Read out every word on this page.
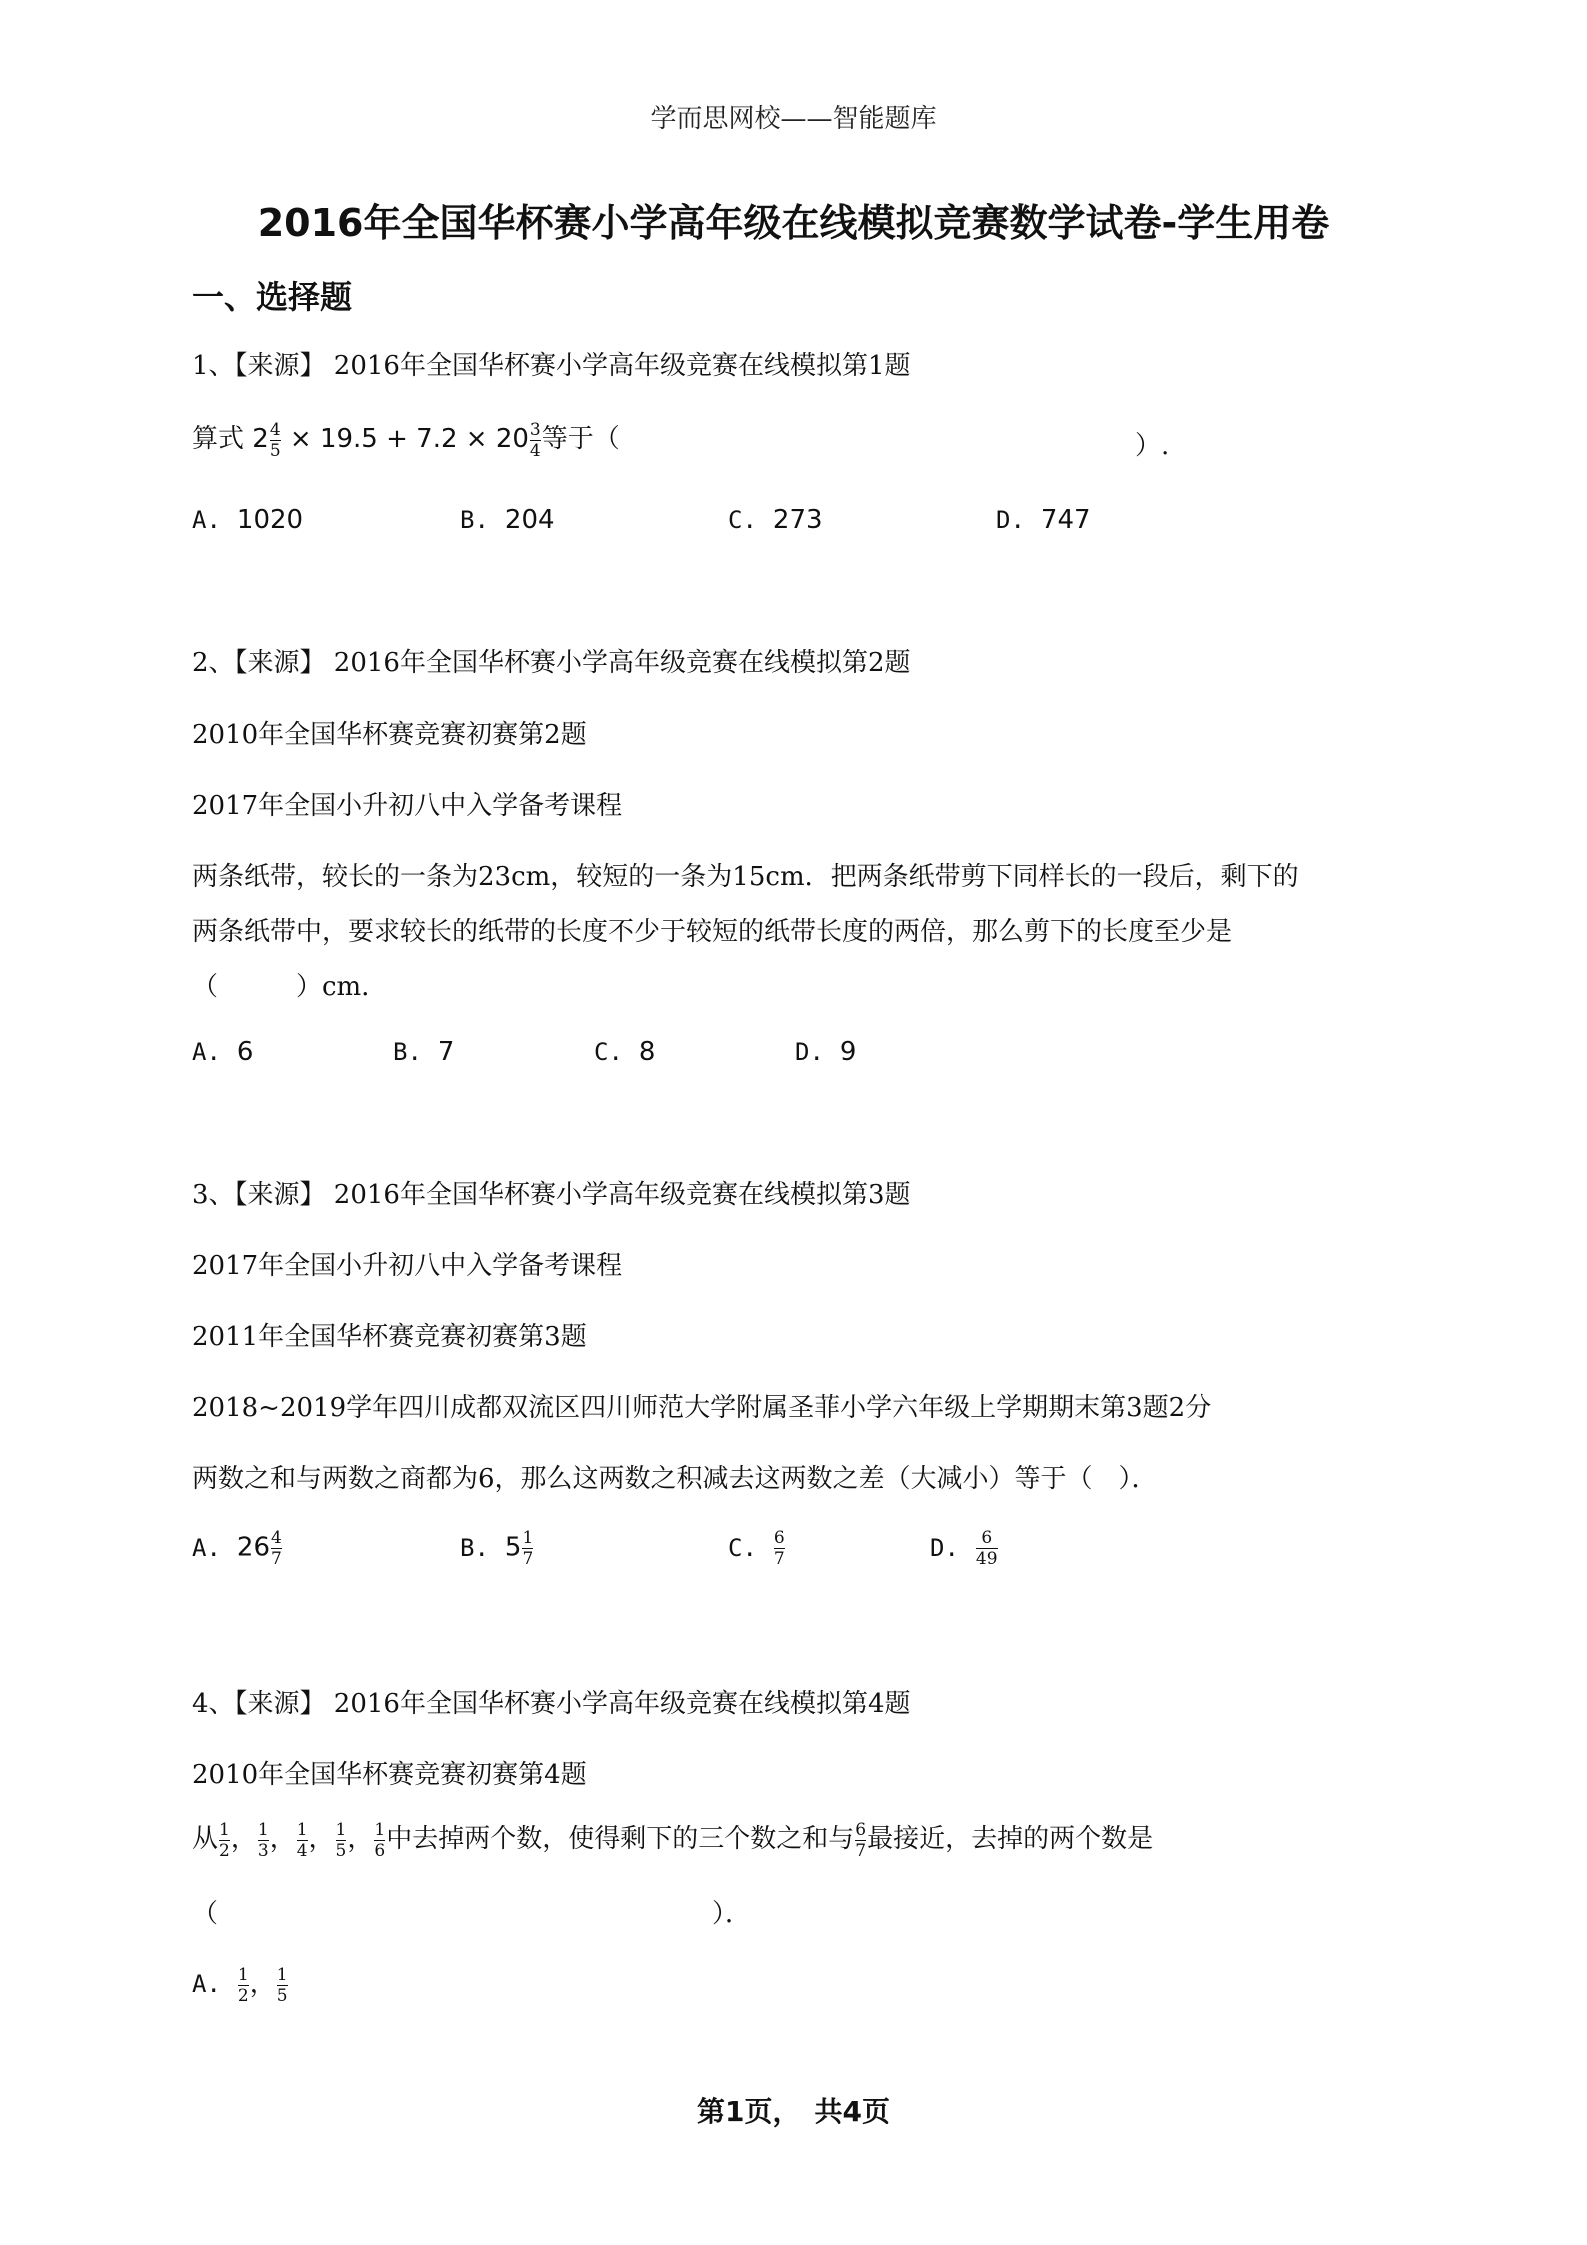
学而思网校——智能题库
2016年全国华杯赛小学高年级在线模拟竞赛数学试卷-学生用卷
一、选择题
1、【来源】 2016年全国华杯赛小学高年级竞赛在线模拟第1题
算式 $2 \frac{4}{5} \times 19.5 + 7.2 \times 20 \frac{3}{4}$ 等于（	）.
A. 1020	B. 204	C. 273	D. 747
2、【来源】 2016年全国华杯赛小学高年级竞赛在线模拟第2题
2010年全国华杯赛竞赛初赛第2题
2017年全国小升初八中入学备考课程
两条纸带，较长的一条为23cm，较短的一条为15cm．把两条纸带剪下同样长的一段后，剩下的
两条纸带中，要求较长的纸带的长度不少于较短的纸带长度的两倍，那么剪下的长度至少是
（　　　）cm．
A. 6	B. 7	C. 8	D. 9
3、【来源】 2016年全国华杯赛小学高年级竞赛在线模拟第3题
2017年全国小升初八中入学备考课程
2011年全国华杯赛竞赛初赛第3题
2018~2019学年四川成都双流区四川师范大学附属圣菲小学六年级上学期期末第3题2分
两数之和与两数之商都为6，那么这两数之积减去这两数之差（大减小）等于（　）．
A. $26 \frac{4}{7}$	B. $5 \frac{1}{7}$	C. $\frac{6}{7}$	D. $\frac{6}{49}$
4、【来源】 2016年全国华杯赛小学高年级竞赛在线模拟第4题
2010年全国华杯赛竞赛初赛第4题
从 $\frac{1}{2}$ ， $\frac{1}{3}$ ， $\frac{1}{4}$ ， $\frac{1}{5}$ ， $\frac{1}{6}$ 中去掉两个数，使得剩下的三个数之和与 $\frac{6}{7}$ 最接近，去掉的两个数是
（	）．
A. $\frac{1}{2}$ ， $\frac{1}{5}$
第1页，　共4页
